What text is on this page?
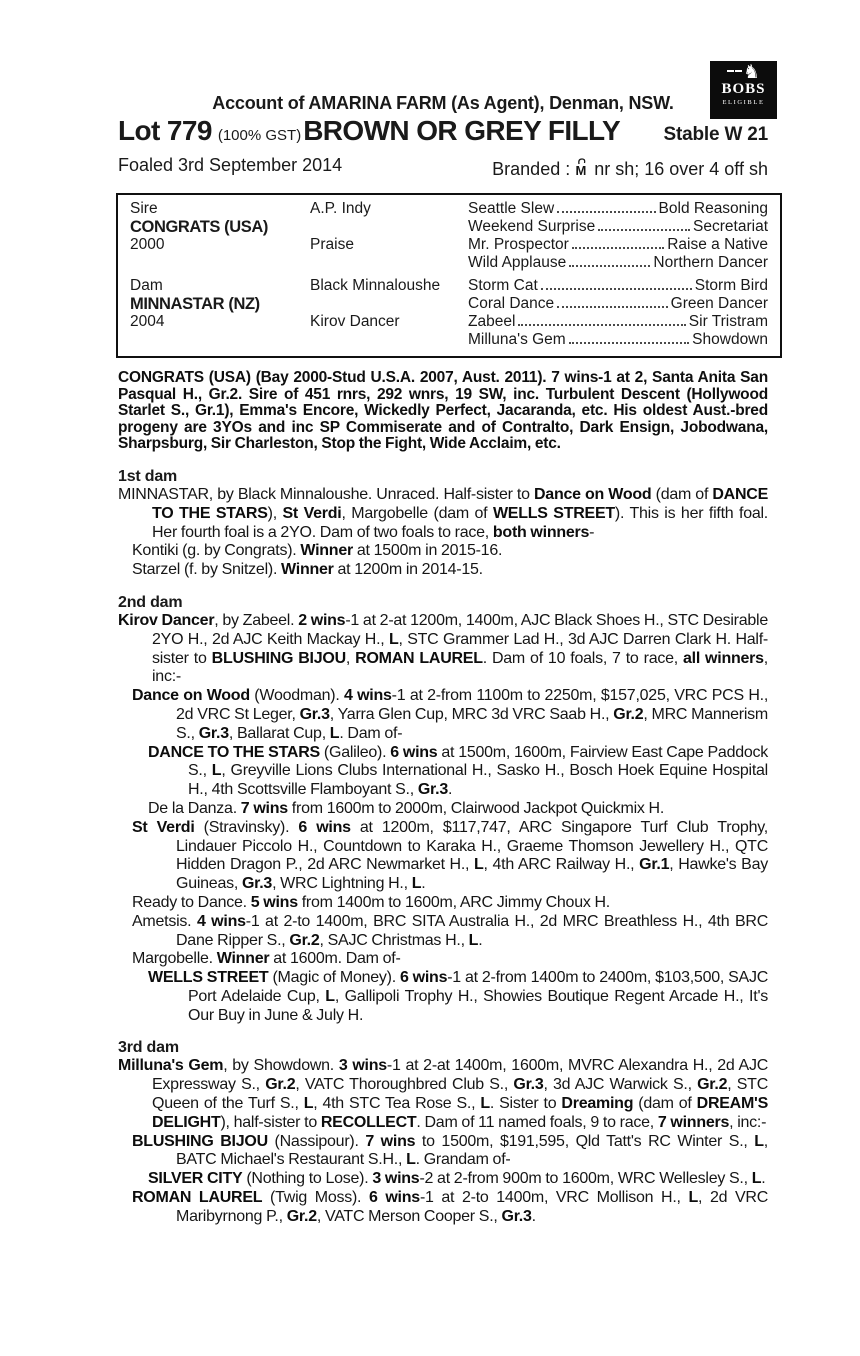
♞
BOBS
ELIGIBLE
Account of AMARINA FARM (As Agent), Denman, NSW.
Lot 779 (100% GST) BROWN OR GREY FILLY Stable W 21
Foaled 3rd September 2014	Branded : M nr sh; 16 over 4 off sh
Sire
CONGRATS (USA)
2000
A.P. Indy
Praise
Seattle Slew	Bold Reasoning
Weekend Surprise	Secretariat
Mr. Prospector	Raise a Native
Wild Applause	Northern Dancer
Dam
MINNASTAR (NZ)
2004
Black Minnaloushe
Kirov Dancer
Storm Cat	Storm Bird
Coral Dance	Green Dancer
Zabeel	Sir Tristram
Milluna's Gem	Showdown
CONGRATS (USA) (Bay 2000-Stud U.S.A. 2007, Aust. 2011). 7 wins-1 at 2, Santa Anita San Pasqual H., Gr.2. Sire of 451 rnrs, 292 wnrs, 19 SW, inc. Turbulent Descent (Hollywood Starlet S., Gr.1), Emma's Encore, Wickedly Perfect, Jacaranda, etc. His oldest Aust.-bred progeny are 3YOs and inc SP Commiserate and of Contralto, Dark Ensign, Jobodwana, Sharpsburg, Sir Charleston, Stop the Fight, Wide Acclaim, etc.
1st dam
MINNASTAR, by Black Minnaloushe. Unraced. Half-sister to Dance on Wood (dam of DANCE TO THE STARS), St Verdi, Margobelle (dam of WELLS STREET). This is her fifth foal. Her fourth foal is a 2YO. Dam of two foals to race, both winners-
Kontiki (g. by Congrats). Winner at 1500m in 2015-16.
Starzel (f. by Snitzel). Winner at 1200m in 2014-15.
2nd dam
Kirov Dancer, by Zabeel. 2 wins-1 at 2-at 1200m, 1400m, AJC Black Shoes H., STC Desirable 2YO H., 2d AJC Keith Mackay H., L, STC Grammer Lad H., 3d AJC Darren Clark H. Half-sister to BLUSHING BIJOU, ROMAN LAUREL. Dam of 10 foals, 7 to race, all winners, inc:-
Dance on Wood (Woodman). 4 wins-1 at 2-from 1100m to 2250m, $157,025, VRC PCS H., 2d VRC St Leger, Gr.3, Yarra Glen Cup, MRC 3d VRC Saab H., Gr.2, MRC Mannerism S., Gr.3, Ballarat Cup, L. Dam of-
DANCE TO THE STARS (Galileo). 6 wins at 1500m, 1600m, Fairview East Cape Paddock S., L, Greyville Lions Clubs International H., Sasko H., Bosch Hoek Equine Hospital H., 4th Scottsville Flamboyant S., Gr.3.
De la Danza. 7 wins from 1600m to 2000m, Clairwood Jackpot Quickmix H.
St Verdi (Stravinsky). 6 wins at 1200m, $117,747, ARC Singapore Turf Club Trophy, Lindauer Piccolo H., Countdown to Karaka H., Graeme Thomson Jewellery H., QTC Hidden Dragon P., 2d ARC Newmarket H., L, 4th ARC Railway H., Gr.1, Hawke's Bay Guineas, Gr.3, WRC Lightning H., L.
Ready to Dance. 5 wins from 1400m to 1600m, ARC Jimmy Choux H.
Ametsis. 4 wins-1 at 2-to 1400m, BRC SITA Australia H., 2d MRC Breathless H., 4th BRC Dane Ripper S., Gr.2, SAJC Christmas H., L.
Margobelle. Winner at 1600m. Dam of-
WELLS STREET (Magic of Money). 6 wins-1 at 2-from 1400m to 2400m, $103,500, SAJC Port Adelaide Cup, L, Gallipoli Trophy H., Showies Boutique Regent Arcade H., It's Our Buy in June & July H.
3rd dam
Milluna's Gem, by Showdown. 3 wins-1 at 2-at 1400m, 1600m, MVRC Alexandra H., 2d AJC Expressway S., Gr.2, VATC Thoroughbred Club S., Gr.3, 3d AJC Warwick S., Gr.2, STC Queen of the Turf S., L, 4th STC Tea Rose S., L. Sister to Dreaming (dam of DREAM'S DELIGHT), half-sister to RECOLLECT. Dam of 11 named foals, 9 to race, 7 winners, inc:-
BLUSHING BIJOU (Nassipour). 7 wins to 1500m, $191,595, Qld Tatt's RC Winter S., L, BATC Michael's Restaurant S.H., L. Grandam of-
SILVER CITY (Nothing to Lose). 3 wins-2 at 2-from 900m to 1600m, WRC Wellesley S., L.
ROMAN LAUREL (Twig Moss). 6 wins-1 at 2-to 1400m, VRC Mollison H., L, 2d VRC Maribyrnong P., Gr.2, VATC Merson Cooper S., Gr.3.
